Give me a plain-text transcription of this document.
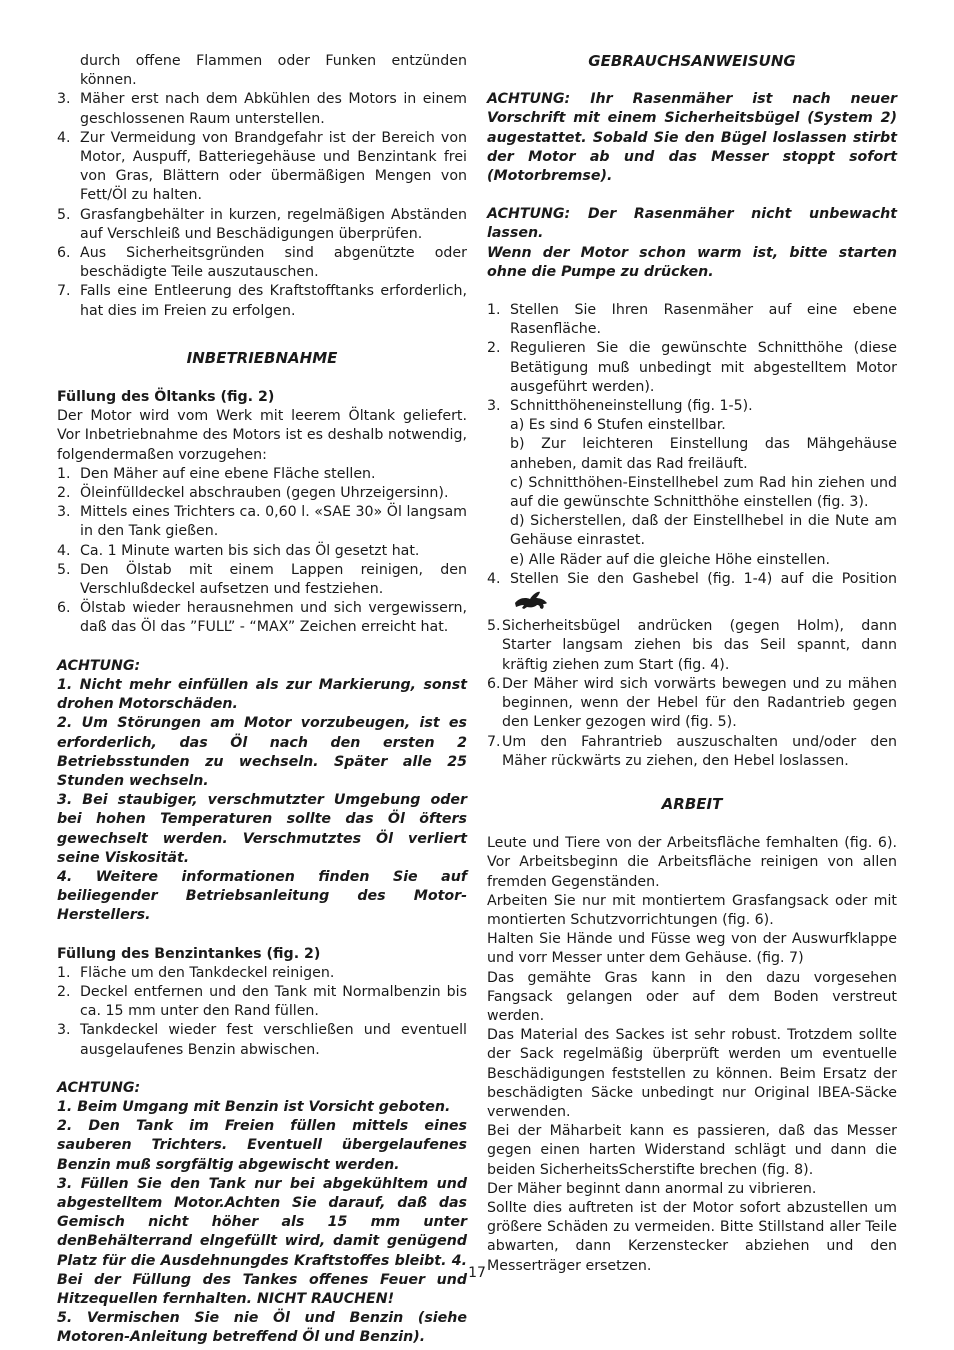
durch offene Flammen oder Funken entzünden können.
3. Mäher erst nach dem Abkühlen des Motors in einem geschlossenen Raum unterstellen.
4. Zur Vermeidung von Brandgefahr ist der Bereich von Motor, Auspuff, Batteriegehäuse und Benzintank frei von Gras, Blättern oder übermäßigen Mengen von Fett/Öl zu halten.
5. Grasfangbehälter in kurzen, regelmäßigen Abständen auf Verschleiß und Beschädigungen überprüfen.
6. Aus Sicherheitsgründen sind abgenützte oder beschädigte Teile auszutauschen.
7. Falls eine Entleerung des Kraftstofftanks erforderlich, hat dies im Freien zu erfolgen.

INBETRIEBNAHME

Füllung des Öltanks (fig. 2)

Der Motor wird vom Werk mit leerem Öltank geliefert. Vor Inbetriebnahme des Motors ist es deshalb notwendig, folgendermaßen vorzugehen:

1. Den Mäher auf eine ebene Fläche stellen.
2. Öleinfülldeckel abschrauben (gegen Uhrzeigersinn).
3. Mittels eines Trichters ca. 0,60 l. «SAE 30» Öl langsam in den Tank gießen.
4. Ca. 1 Minute warten bis sich das Öl gesetzt hat.
5. Den Ölstab mit einem Lappen reinigen, den Verschlußdeckel aufsetzen und festziehen.
6. Ölstab wieder herausnehmen und sich vergewissern, daß das Öl das ”FULL” - “MAX” Zeichen erreicht hat.

ACHTUNG:

1. Nicht mehr einfüllen als zur Markierung, sonst drohen Motorschäden.

2. Um Störungen am Motor vorzubeugen, ist es erforderlich, das Öl nach den ersten 2 Betriebsstunden zu wechseln. Später alle 25 Stunden wechseln.

3. Bei staubiger, verschmutzter Umgebung oder bei hohen Temperaturen sollte das Öl öfters gewechselt werden. Verschmutztes Öl verliert seine Viskosität.

4. Weitere informationen finden Sie auf beiliegender Betriebsanleitung des Motor-Herstellers.

Füllung des Benzintankes (fig. 2)

1. Fläche um den Tankdeckel reinigen.
2. Deckel entfernen und den Tank mit Normalbenzin bis ca. 15 mm unter den Rand füllen.
3. Tankdeckel wieder fest verschließen und eventuell ausgelaufenes Benzin abwischen.

ACHTUNG:

1. Beim Umgang mit Benzin ist Vorsicht geboten.

2. Den Tank im Freien füllen mittels eines sauberen Trichters. Eventuell übergelaufenes Benzin muß sorgfältig abgewischt werden.

3. Füllen Sie den Tank nur bei abgekühltem und abgestelltem Motor.Achten Sie darauf, daß das Gemisch nicht höher als 15 mm unter denBehälterrand elngefüllt wird, damit genügend Platz für die Ausdehnungdes Kraftstoffes bleibt. 4. Bei der Füllung des Tankes offenes Feuer und Hitzequellen fernhalten. NICHT RAUCHEN!

5. Vermischen Sie nie Öl und Benzin (siehe Motoren-Anleitung betreffend Öl und Benzin).

GEBRAUCHSANWEISUNG

ACHTUNG: Ihr Rasenmäher ist nach neuer Vorschrift mit einem Sicherheitsbügel (System 2) augestattet. Sobald Sie den Bügel loslassen stirbt der Motor ab und das Messer stoppt sofort (Motorbremse).

ACHTUNG: Der Rasenmäher nicht unbewacht lassen.

Wenn der Motor schon warm ist, bitte starten ohne die Pumpe zu drücken.

1. Stellen Sie Ihren Rasenmäher auf eine ebene Rasenfläche.
2. Regulieren Sie die gewünschte Schnitthöhe (diese Betätigung muß unbedingt mit abgestelltem Motor ausgeführt werden).
3. Schnitthöheneinstellung (fig. 1-5).
a) Es sind 6 Stufen einstellbar.
b) Zur leichteren Einstellung das Mähgehäuse anheben, damit das Rad freiläuft.
c) Schnitthöhen-Einstellhebel zum Rad hin ziehen und auf die gewünschte Schnitthöhe einstellen (fig. 3).
d) Sicherstellen, daß der Einstellhebel in die Nute am Gehäuse einrastet.
e) Alle Räder auf die gleiche Höhe einstellen.
4. Stellen Sie den Gashebel (fig. 1-4) auf die Position
5. Sicherheitsbügel andrücken (gegen Holm), dann Starter langsam ziehen bis das Seil spannt, dann kräftig ziehen zum Start (fig. 4).
6. Der Mäher wird sich vorwärts bewegen und zu mähen beginnen, wenn der Hebel für den Radantrieb gegen den Lenker gezogen wird (fig. 5).
7. Um den Fahrantrieb auszuschalten und/oder den Mäher rückwärts zu ziehen, den Hebel loslassen.

ARBEIT

Leute und Tiere von der Arbeitsfläche femhalten (fig. 6). Vor Arbeitsbeginn die Arbeitsfläche reinigen von allen fremden Gegenständen.

Arbeiten Sie nur mit montiertem Grasfangsack oder mit montierten Schutzvorrichtungen (fig. 6).

Halten Sie Hände und Füsse weg von der Auswurfklappe und vorr Messer unter dem Gehäuse. (fig. 7)

Das gemähte Gras kann in den dazu vorgesehen Fangsack gelangen oder auf dem Boden verstreut werden.

Das Material des Sackes ist sehr robust. Trotzdem sollte der Sack regelmäßig überprüft werden um eventuelle Beschädigungen feststellen zu können. Beim Ersatz der beschädigten Säcke unbedingt nur Original lBEA-Säcke verwenden.

Bei der Mäharbeit kann es passieren, daß das Messer gegen einen harten Widerstand schlägt und dann die beiden SicherheitsScherstifte brechen (fig. 8).

Der Mäher beginnt dann anormal zu vibrieren.

Sollte dies auftreten ist der Motor sofort abzustellen um größere Schäden zu vermeiden. Bitte Stillstand aller Teile abwarten, dann Kerzenstecker abziehen und den Messerträger ersetzen.

17
